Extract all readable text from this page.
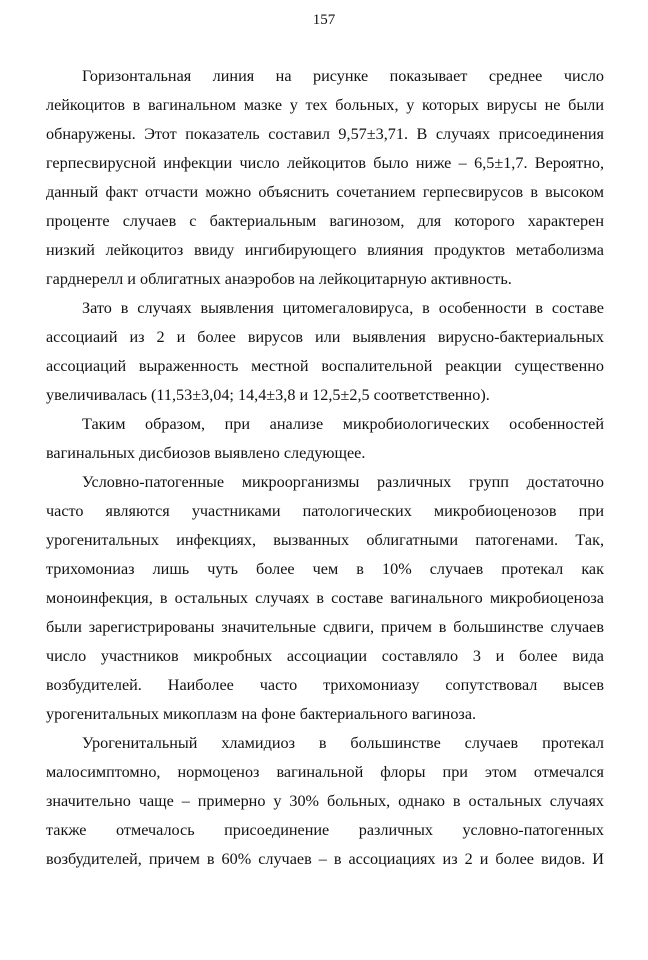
157
Горизонтальная линия на рисунке показывает среднее число
лейкоцитов в вагинальном мазке у тех больных, у которых вирусы не были
обнаружены. Этот показатель составил 9,57±3,71. В случаях присоединения
герпесвирусной инфекции число лейкоцитов было ниже – 6,5±1,7. Вероятно,
данный факт отчасти можно объяснить сочетанием герпесвирусов в высоком
проценте случаев с бактериальным вагинозом, для которого характерен
низкий лейкоцитоз ввиду ингибирующего влияния продуктов метаболизма
гарднерелл и облигатных анаэробов на лейкоцитарную активность.
Зато в случаях выявления цитомегаловируса, в особенности в составе
ассоциаий из 2 и более вирусов или выявления вирусно-бактериальных
ассоциаций выраженность местной воспалительной реакции существенно
увеличивалась (11,53±3,04; 14,4±3,8 и 12,5±2,5 соответственно).
Таким образом, при анализе микробиологических особенностей
вагинальных дисбиозов выявлено следующее.
Условно-патогенные микроорганизмы различных групп достаточно
часто являются участниками патологических микробиоценозов при
урогенитальных инфекциях, вызванных облигатными патогенами. Так,
трихомониаз лишь чуть более чем в 10% случаев протекал как
моноинфекция, в остальных случаях в составе вагинального микробиоценоза
были зарегистрированы значительные сдвиги, причем в большинстве случаев
число участников микробных ассоциации составляло 3 и более вида
возбудителей. Наиболее часто трихомониазу сопутствовал высев
урогенитальных микоплазм на фоне бактериального вагиноза.
Урогенитальный хламидиоз в большинстве случаев протекал
малосимптомно, нормоценоз вагинальной флоры при этом отмечался
значительно чаще – примерно у 30% больных, однако в остальных случаях
также отмечалось присоединение различных условно-патогенных
возбудителей, причем в 60% случаев – в ассоциациях из 2 и более видов. И
